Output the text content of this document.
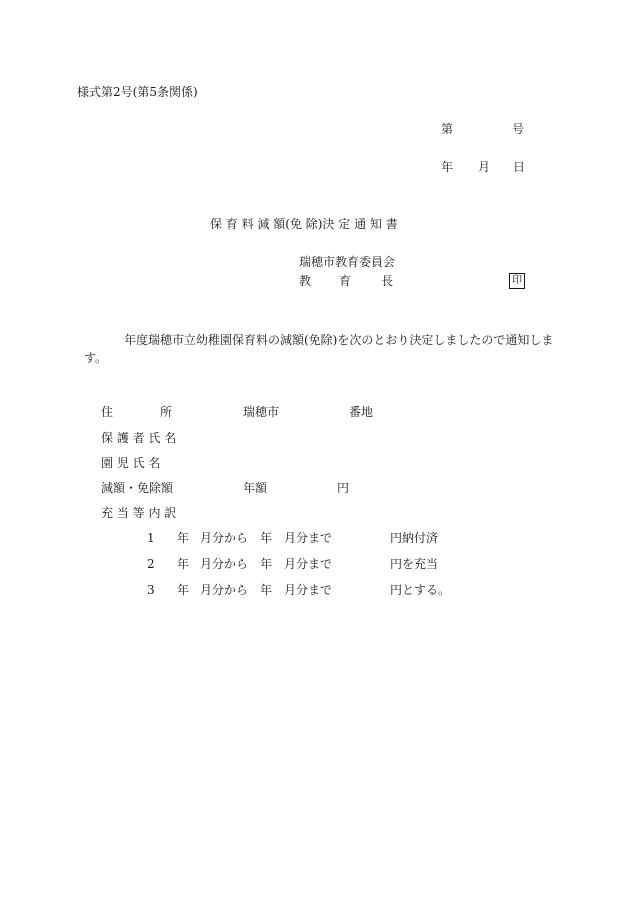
様式第2号(第5条関係)
第	号
年 月 日
保 育 料 減 額(免 除)決 定 通 知 書
瑞穂市教育委員会
教 育 長	印
年度瑞穂市立幼稚園保育料の減額(免除)を次のとおり決定しましたので通知します。
住	所	瑞穂市	番地
保 護 者 氏 名
園 児 氏 名
減額・免除額	年額	円
充 当 等 内 訳
1 年 月分から 年 月分まで	円納付済
2 年 月分から 年 月分まで	円を充当
3 年 月分から 年 月分まで	円とする。
